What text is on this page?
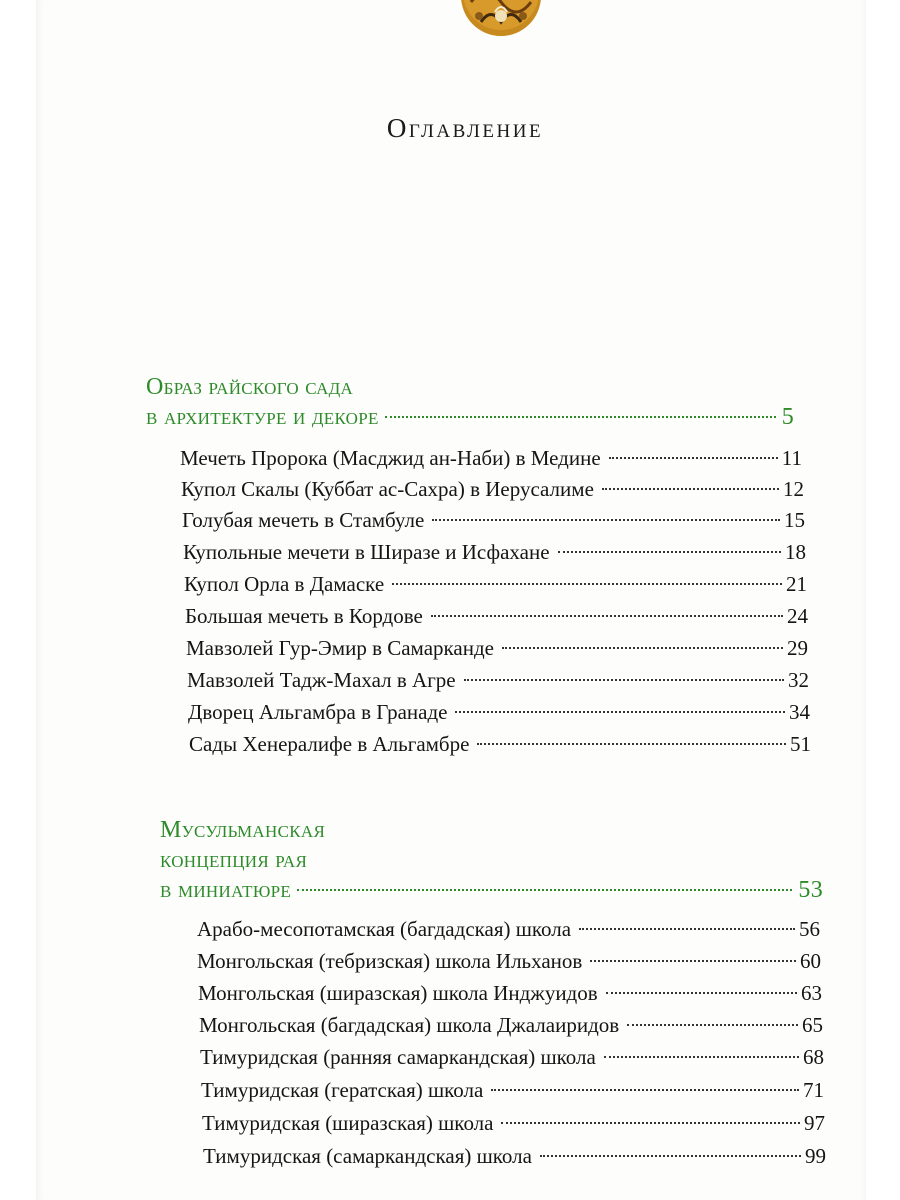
Оглавление
Образ райского сада
в архитектуре и декоре	5
Мечеть Пророка (Масджид ан-Наби) в Медине	11
Купол Скалы (Куббат ас-Сахра) в Иерусалиме	12
Голубая мечеть в Стамбуле	15
Купольные мечети в Ширазе и Исфахане	18
Купол Орла в Дамаске	21
Большая мечеть в Кордове	24
Мавзолей Гур-Эмир в Самарканде	29
Мавзолей Тадж-Махал в Агре	32
Дворец Альгамбра в Гранаде	34
Сады Хенералифе в Альгамбре	51
Мусульманская
концепция рая
в миниатюре	53
Арабо-месопотамская (багдадская) школа	56
Монгольская (тебризская) школа Ильханов	60
Монгольская (ширазская) школа Инджуидов	63
Монгольская (багдадская) школа Джалаиридов	65
Тимуридская (ранняя самаркандская) школа	68
Тимуридская (гератская) школа	71
Тимуридская (ширазская) школа	97
Тимуридская (самаркандская) школа	99
